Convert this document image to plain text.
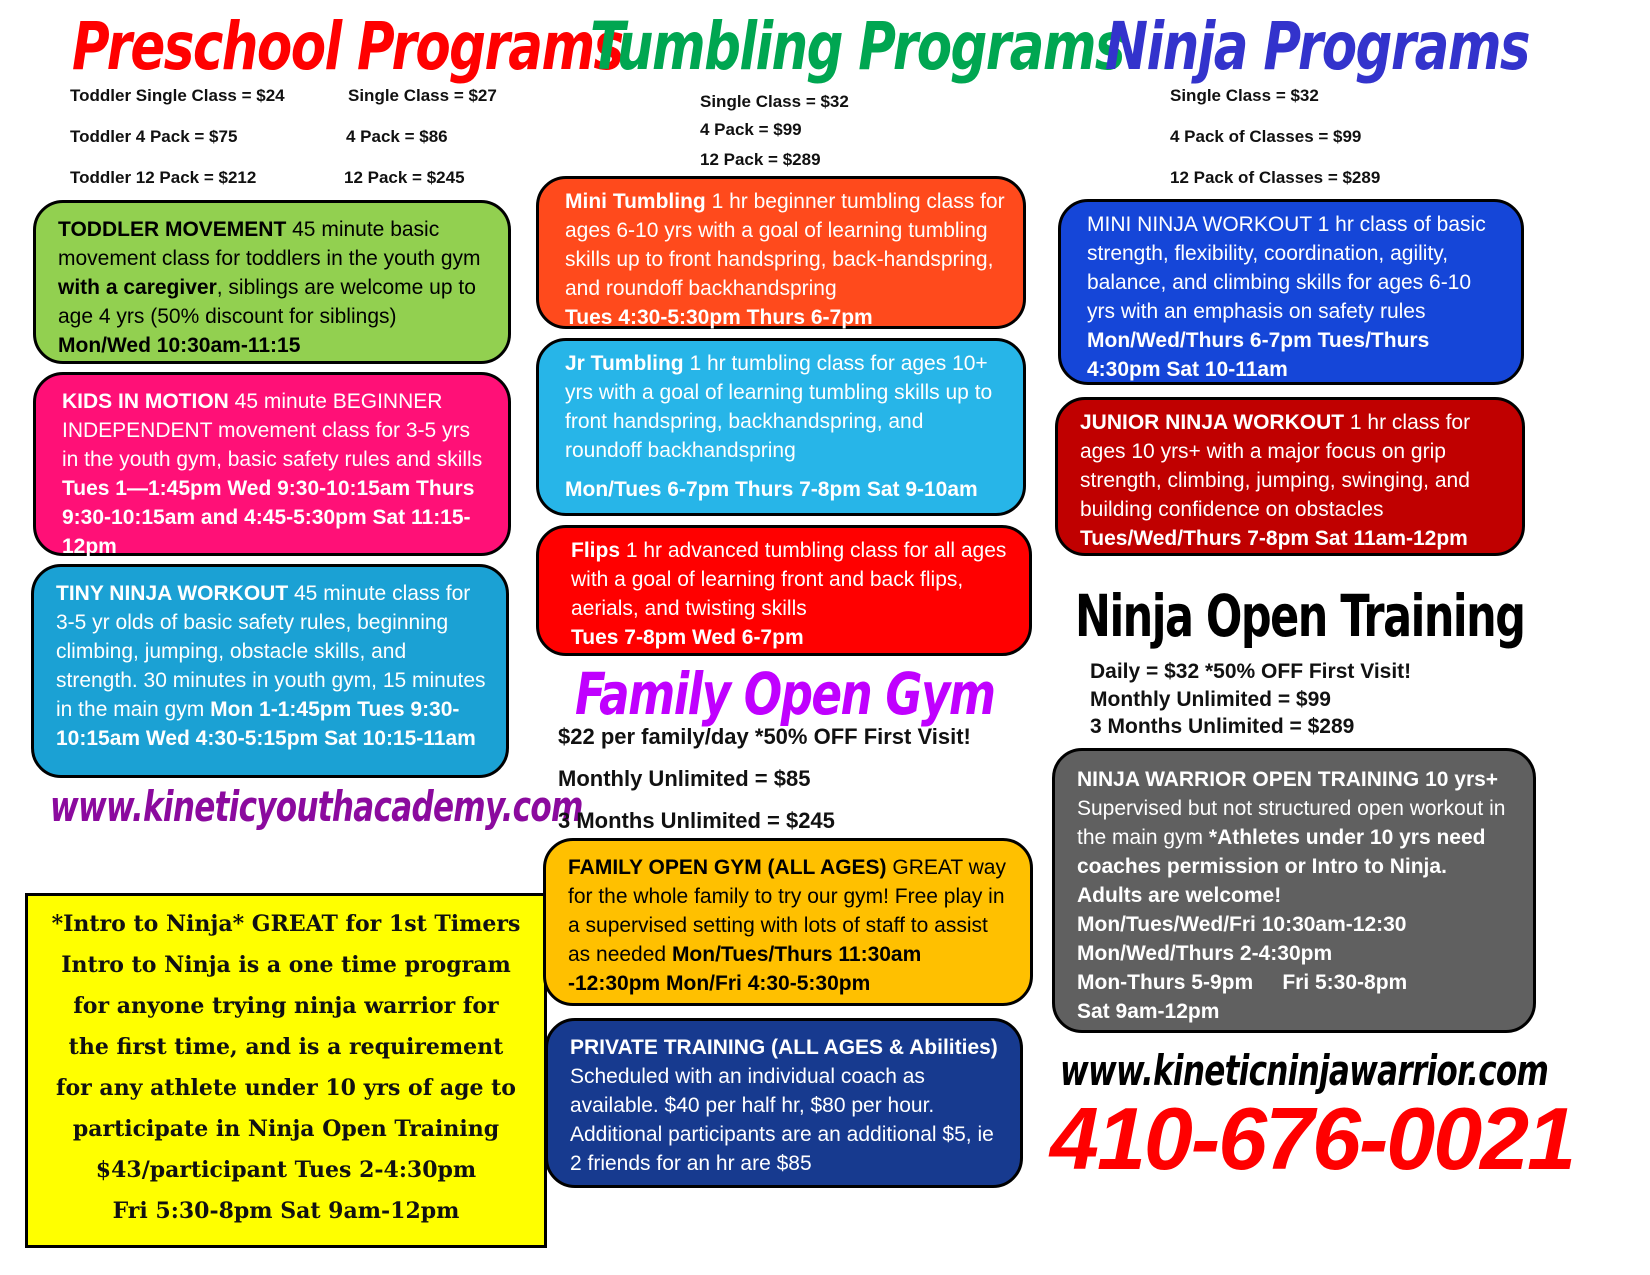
Preschool Programs
Toddler Single Class = $24
Toddler 4 Pack = $75
Toddler 12 Pack = $212
Single Class = $27
4 Pack = $86
12 Pack = $245
TODDLER MOVEMENT 45 minute basic movement class for toddlers in the youth gym with a caregiver, siblings are welcome up to age 4 yrs (50% discount for siblings)
Mon/Wed 10:30am-11:15
KIDS IN MOTION 45 minute BEGINNER INDEPENDENT movement class for 3-5 yrs in the youth gym, basic safety rules and skills Tues 1—1:45pm Wed 9:30-10:15am Thurs 9:30-10:15am and 4:45-5:30pm Sat 11:15-12pm
TINY NINJA WORKOUT 45 minute class for 3-5 yr olds of basic safety rules, beginning climbing, jumping, obstacle skills, and strength. 30 minutes in youth gym, 15 minutes in the main gym Mon 1-1:45pm Tues 9:30-10:15am Wed 4:30-5:15pm Sat 10:15-11am
www.kineticyouthacademy.com
*Intro to Ninja* GREAT for 1st Timers
Intro to Ninja is a one time program
for anyone trying ninja warrior for
the first time, and is a requirement
for any athlete under 10 yrs of age to
participate in Ninja Open Training
$43/participant Tues 2-4:30pm
Fri 5:30-8pm Sat 9am-12pm
Tumbling Programs
Single Class = $32
4 Pack = $99
12 Pack = $289
Mini Tumbling 1 hr beginner tumbling class for ages 6-10 yrs with a goal of learning tumbling skills up to front handspring, back-handspring, and roundoff backhandspring
Tues 4:30-5:30pm Thurs 6-7pm
Jr Tumbling 1 hr tumbling class for ages 10+ yrs with a goal of learning tumbling skills up to front handspring, backhandspring, and roundoff backhandspring

Mon/Tues 6-7pm Thurs 7-8pm Sat 9-10am
Flips 1 hr advanced tumbling class for all ages with a goal of learning front and back flips, aerials, and twisting skills
Tues 7-8pm Wed 6-7pm
Family Open Gym
$22 per family/day *50% OFF First Visit!
Monthly Unlimited = $85
3 Months Unlimited = $245
FAMILY OPEN GYM (ALL AGES) GREAT way for the whole family to try our gym! Free play in a supervised setting with lots of staff to assist as needed Mon/Tues/Thurs 11:30am -12:30pm Mon/Fri 4:30-5:30pm
PRIVATE TRAINING (ALL AGES & Abilities)
Scheduled with an individual coach as available. $40 per half hr, $80 per hour. Additional participants are an additional $5, ie 2 friends for an hr are $85
Ninja Programs
Single Class = $32
4 Pack of Classes = $99
12 Pack of Classes = $289
MINI NINJA WORKOUT 1 hr class of basic strength, flexibility, coordination, agility, balance, and climbing skills for ages 6-10 yrs with an emphasis on safety rules Mon/Wed/Thurs 6-7pm Tues/Thurs 4:30pm Sat 10-11am
JUNIOR NINJA WORKOUT 1 hr class for ages 10 yrs+ with a major focus on grip strength, climbing, jumping, swinging, and building confidence on obstacles
Tues/Wed/Thurs 7-8pm Sat 11am-12pm
Ninja Open Training
Daily = $32 *50% OFF First Visit!
Monthly Unlimited = $99
3 Months Unlimited = $289
NINJA WARRIOR OPEN TRAINING 10 yrs+
Supervised but not structured open workout in the main gym *Athletes under 10 yrs need coaches permission or Intro to Ninja. Adults are welcome!
Mon/Tues/Wed/Fri 10:30am-12:30
Mon/Wed/Thurs 2-4:30pm
Mon-Thurs 5-9pm     Fri 5:30-8pm
Sat 9am-12pm
www.kineticninjawarrior.com
410-676-0021
